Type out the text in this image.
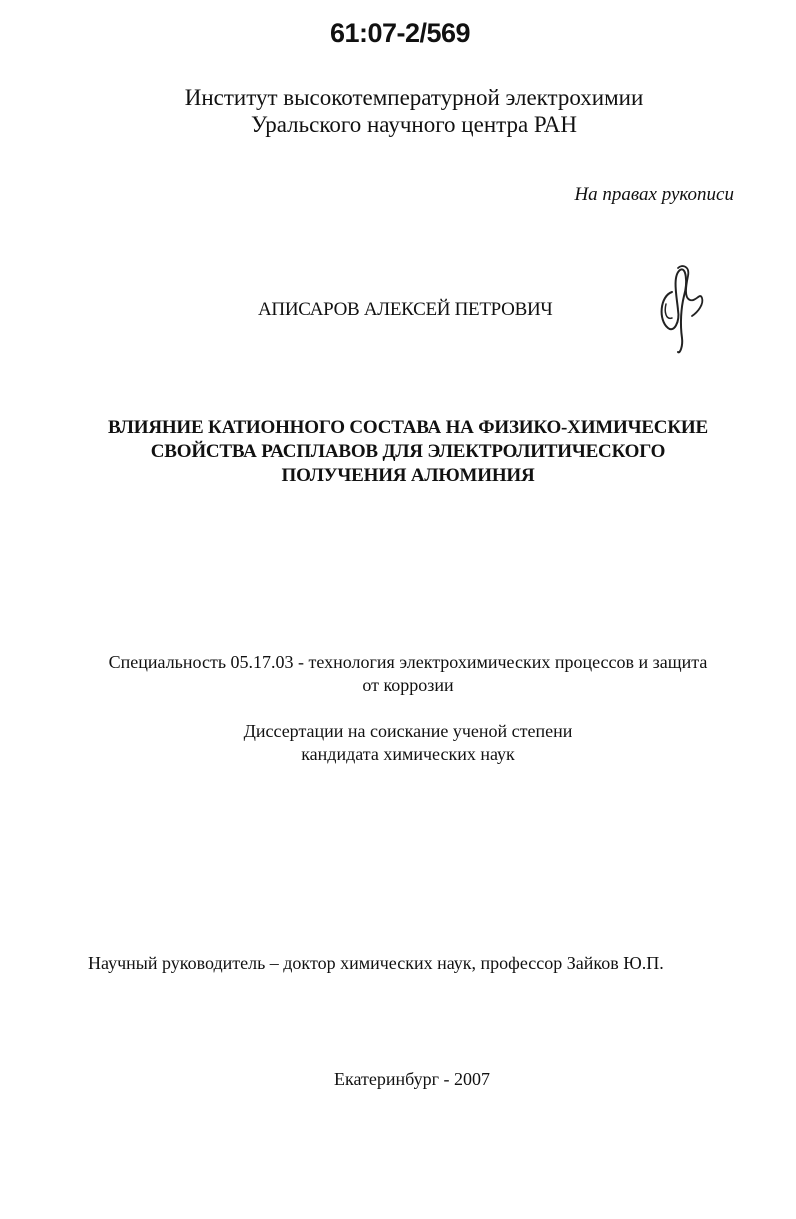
61:07-2/569
Институт высокотемпературной электрохимии
Уральского научного центра РАН
На правах рукописи
АПИСАРОВ АЛЕКСЕЙ ПЕТРОВИЧ
ВЛИЯНИЕ КАТИОННОГО СОСТАВА НА ФИЗИКО-ХИМИЧЕСКИЕ
СВОЙСТВА РАСПЛАВОВ ДЛЯ ЭЛЕКТРОЛИТИЧЕСКОГО
ПОЛУЧЕНИЯ АЛЮМИНИЯ
Специальность 05.17.03 - технология электрохимических процессов и защита
от коррозии
Диссертации на соискание ученой степени
кандидата химических наук
Научный руководитель – доктор химических наук, профессор Зайков Ю.П.
Екатеринбург - 2007
